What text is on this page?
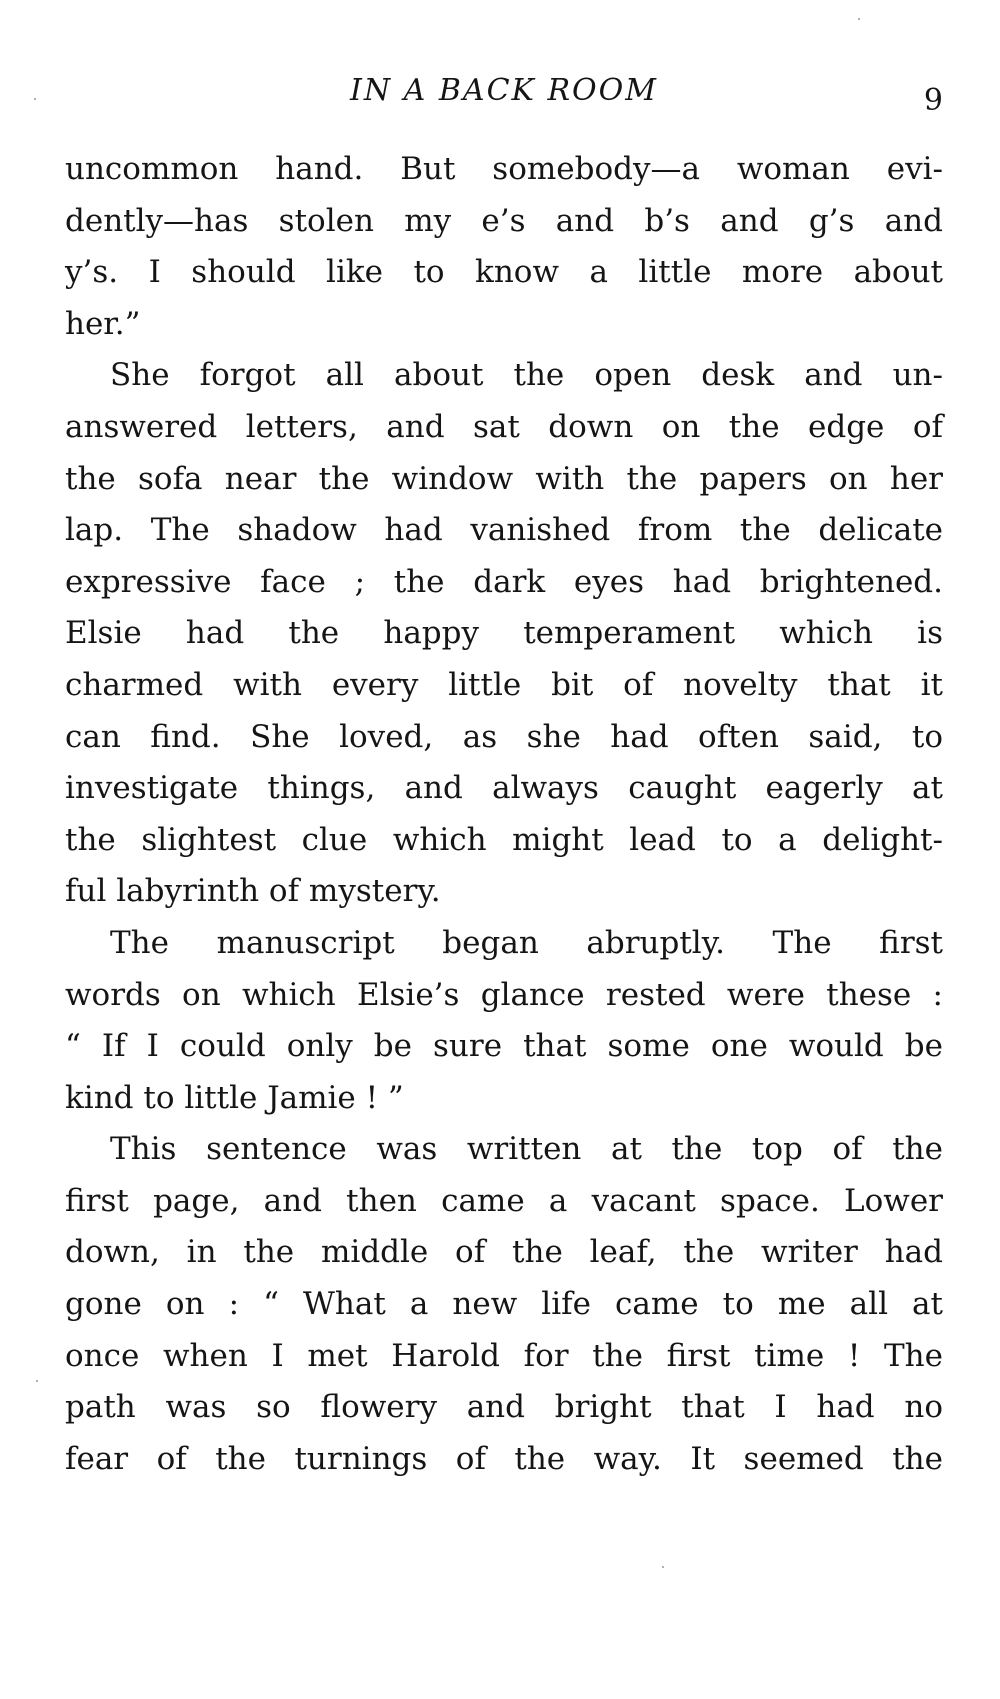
IN A BACK ROOM	9
uncommon hand. But somebody—a woman evi-
dently—has stolen my e’s and b’s and g’s and
y’s. I should like to know a little more about
her.”
She forgot all about the open desk and un-
answered letters, and sat down on the edge of
the sofa near the window with the papers on her
lap. The shadow had vanished from the delicate
expressive face ; the dark eyes had brightened.
Elsie had the happy temperament which is
charmed with every little bit of novelty that it
can find. She loved, as she had often said, to
investigate things, and always caught eagerly at
the slightest clue which might lead to a delight-
ful labyrinth of mystery.
The manuscript began abruptly. The first
words on which Elsie’s glance rested were these :
“ If I could only be sure that some one would be
kind to little Jamie ! ”
This sentence was written at the top of the
first page, and then came a vacant space. Lower
down, in the middle of the leaf, the writer had
gone on : “ What a new life came to me all at
once when I met Harold for the first time ! The
path was so flowery and bright that I had no
fear of the turnings of the way. It seemed the
